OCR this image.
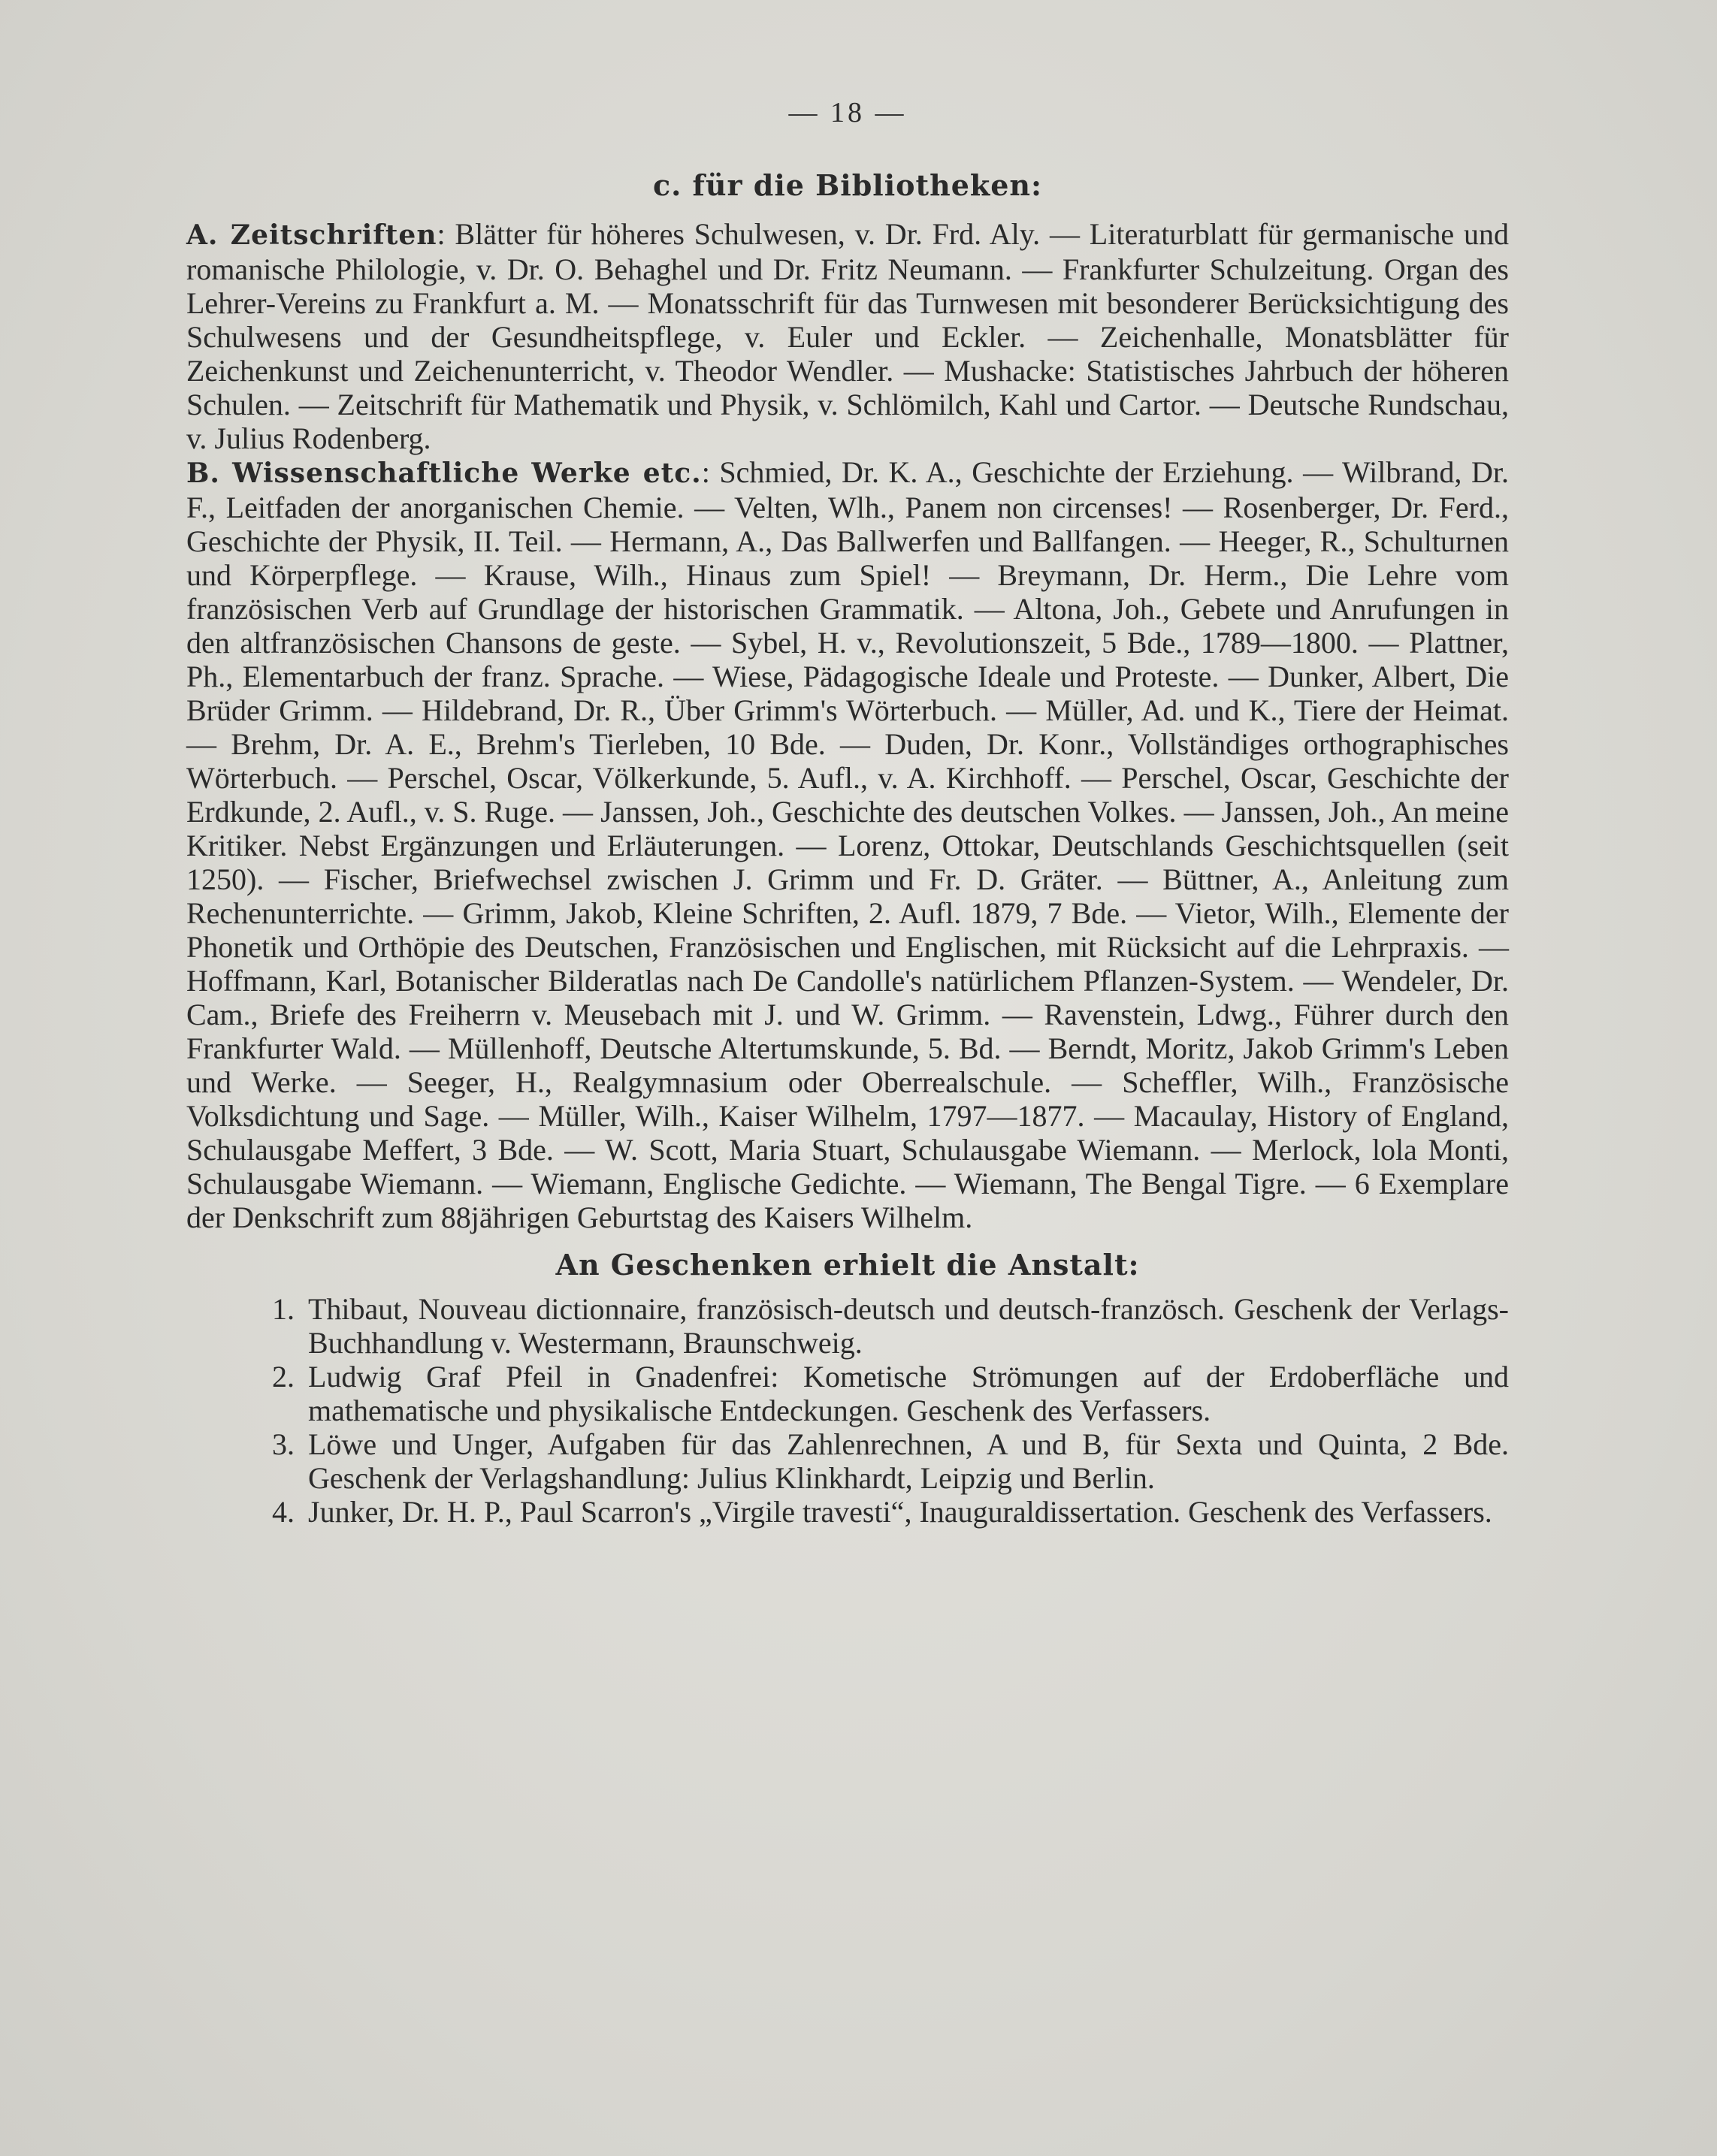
— 18 —
c. für die Bibliotheken:

A. Zeitschriften: Blätter für höheres Schulwesen, v. Dr. Frd. Aly. — Literaturblatt für germanische und romanische Philologie, v. Dr. O. Behaghel und Dr. Fritz Neumann. — Frankfurter Schulzeitung. Organ des Lehrer-Vereins zu Frankfurt a. M. — Monatsschrift für das Turnwesen mit besonderer Berücksichtigung des Schulwesens und der Gesundheitspflege, v. Euler und Eckler. — Zeichenhalle, Monatsblätter für Zeichenkunst und Zeichenunterricht, v. Theodor Wendler. — Mushacke: Statistisches Jahrbuch der höheren Schulen. — Zeitschrift für Mathematik und Physik, v. Schlömilch, Kahl und Cartor. — Deutsche Rundschau, v. Julius Rodenberg.

B. Wissenschaftliche Werke etc.: Schmied, Dr. K. A., Geschichte der Erziehung. — Wilbrand, Dr. F., Leitfaden der anorganischen Chemie. — Velten, Wlh., Panem non circenses! — Rosenberger, Dr. Ferd., Geschichte der Physik, II. Teil. — Hermann, A., Das Ballwerfen und Ballfangen. — Heeger, R., Schulturnen und Körperpflege. — Krause, Wilh., Hinaus zum Spiel! — Breymann, Dr. Herm., Die Lehre vom französischen Verb auf Grundlage der historischen Grammatik. — Altona, Joh., Gebete und Anrufungen in den altfranzösischen Chansons de geste. — Sybel, H. v., Revolutionszeit, 5 Bde., 1789—1800. — Plattner, Ph., Elementarbuch der franz. Sprache. — Wiese, Pädagogische Ideale und Proteste. — Dunker, Albert, Die Brüder Grimm. — Hildebrand, Dr. R., Über Grimm's Wörterbuch. — Müller, Ad. und K., Tiere der Heimat. — Brehm, Dr. A. E., Brehm's Tierleben, 10 Bde. — Duden, Dr. Konr., Vollständiges orthographisches Wörterbuch. — Perschel, Oscar, Völkerkunde, 5. Aufl., v. A. Kirchhoff. — Perschel, Oscar, Geschichte der Erdkunde, 2. Aufl., v. S. Ruge. — Janssen, Joh., Geschichte des deutschen Volkes. — Janssen, Joh., An meine Kritiker. Nebst Ergänzungen und Erläuterungen. — Lorenz, Ottokar, Deutschlands Geschichtsquellen (seit 1250). — Fischer, Briefwechsel zwischen J. Grimm und Fr. D. Gräter. — Büttner, A., Anleitung zum Rechenunterrichte. — Grimm, Jakob, Kleine Schriften, 2. Aufl. 1879, 7 Bde. — Vietor, Wilh., Elemente der Phonetik und Orthöpie des Deutschen, Französischen und Englischen, mit Rücksicht auf die Lehrpraxis. — Hoffmann, Karl, Botanischer Bilderatlas nach De Candolle's natürlichem Pflanzen-System. — Wendeler, Dr. Cam., Briefe des Freiherrn v. Meusebach mit J. und W. Grimm. — Ravenstein, Ldwg., Führer durch den Frankfurter Wald. — Müllenhoff, Deutsche Altertumskunde, 5. Bd. — Berndt, Moritz, Jakob Grimm's Leben und Werke. — Seeger, H., Realgymnasium oder Oberrealschule. — Scheffler, Wilh., Französische Volksdichtung und Sage. — Müller, Wilh., Kaiser Wilhelm, 1797—1877. — Macaulay, History of England, Schulausgabe Meffert, 3 Bde. — W. Scott, Maria Stuart, Schulausgabe Wiemann. — Merlock, lola Monti, Schulausgabe Wiemann. — Wiemann, Englische Gedichte. — Wiemann, The Bengal Tigre. — 6 Exemplare der Denkschrift zum 88jährigen Geburtstag des Kaisers Wilhelm.

An Geschenken erhielt die Anstalt:
1. Thibaut, Nouveau dictionnaire, französisch-deutsch und deutsch-französch. Geschenk der Verlags-Buchhandlung v. Westermann, Braunschweig.
2. Ludwig Graf Pfeil in Gnadenfrei: Kometische Strömungen auf der Erdoberfläche und mathematische und physikalische Entdeckungen. Geschenk des Verfassers.
3. Löwe und Unger, Aufgaben für das Zahlenrechnen, A und B, für Sexta und Quinta, 2 Bde. Geschenk der Verlagshandlung: Julius Klinkhardt, Leipzig und Berlin.
4. Junker, Dr. H. P., Paul Scarron's „Virgile travesti“, Inauguraldissertation. Geschenk des Verfassers.
